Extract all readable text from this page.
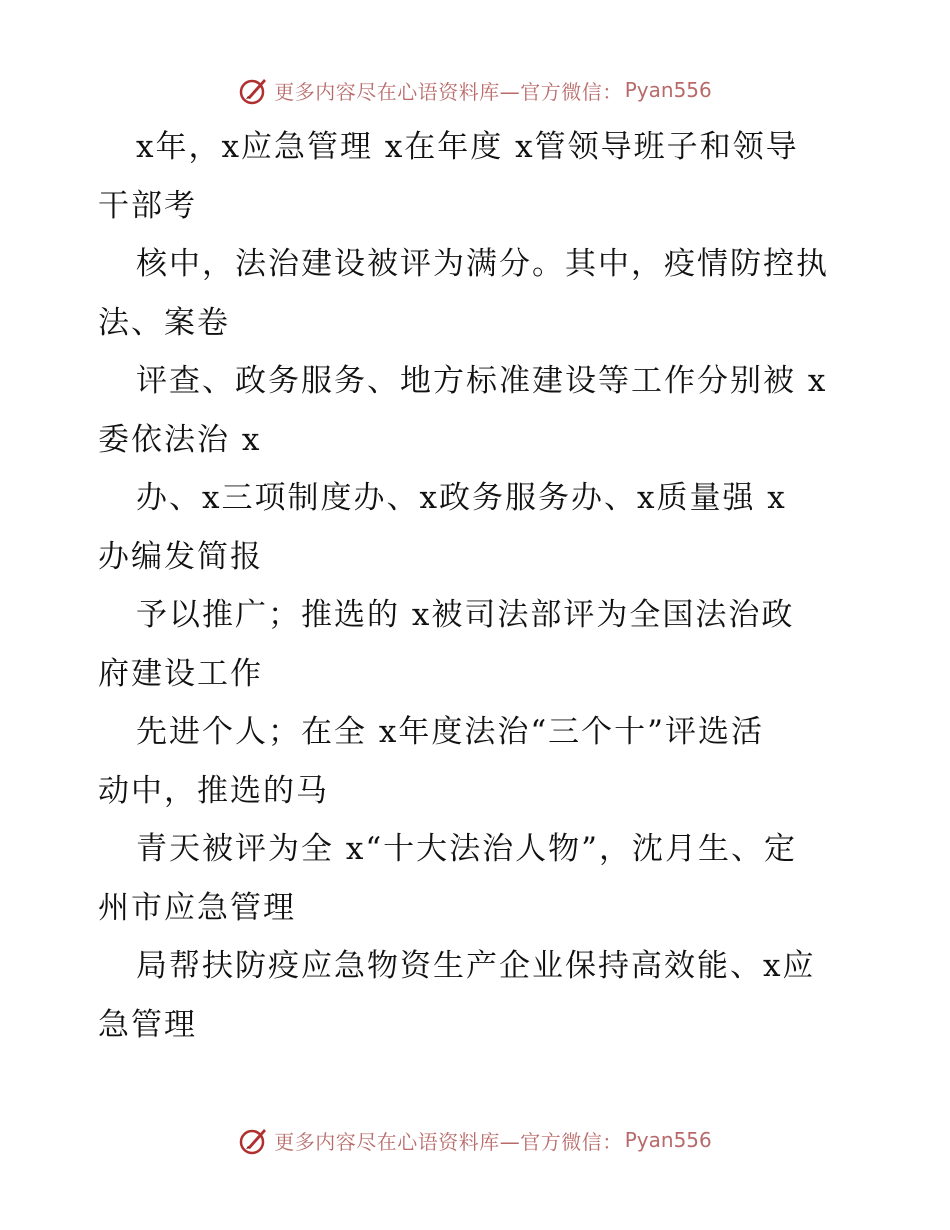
更多内容尽在心语资料库—官方微信： Pyan556
x年，x应急管理 x在年度 x管领导班子和领导
干部考
核中，法治建设被评为满分。其中，疫情防控执
法、案卷
评查、政务服务、地方标准建设等工作分别被 x
委依法治 x
办、x三项制度办、x政务服务办、x质量强 x
办编发简报
予以推广；推选的 x被司法部评为全国法治政
府建设工作
先进个人；在全 x年度法治“三个十”评选活
动中，推选的马
青天被评为全 x“十大法治人物”，沈月生、定
州市应急管理
局帮扶防疫应急物资生产企业保持高效能、x应
急管理
更多内容尽在心语资料库—官方微信： Pyan556
